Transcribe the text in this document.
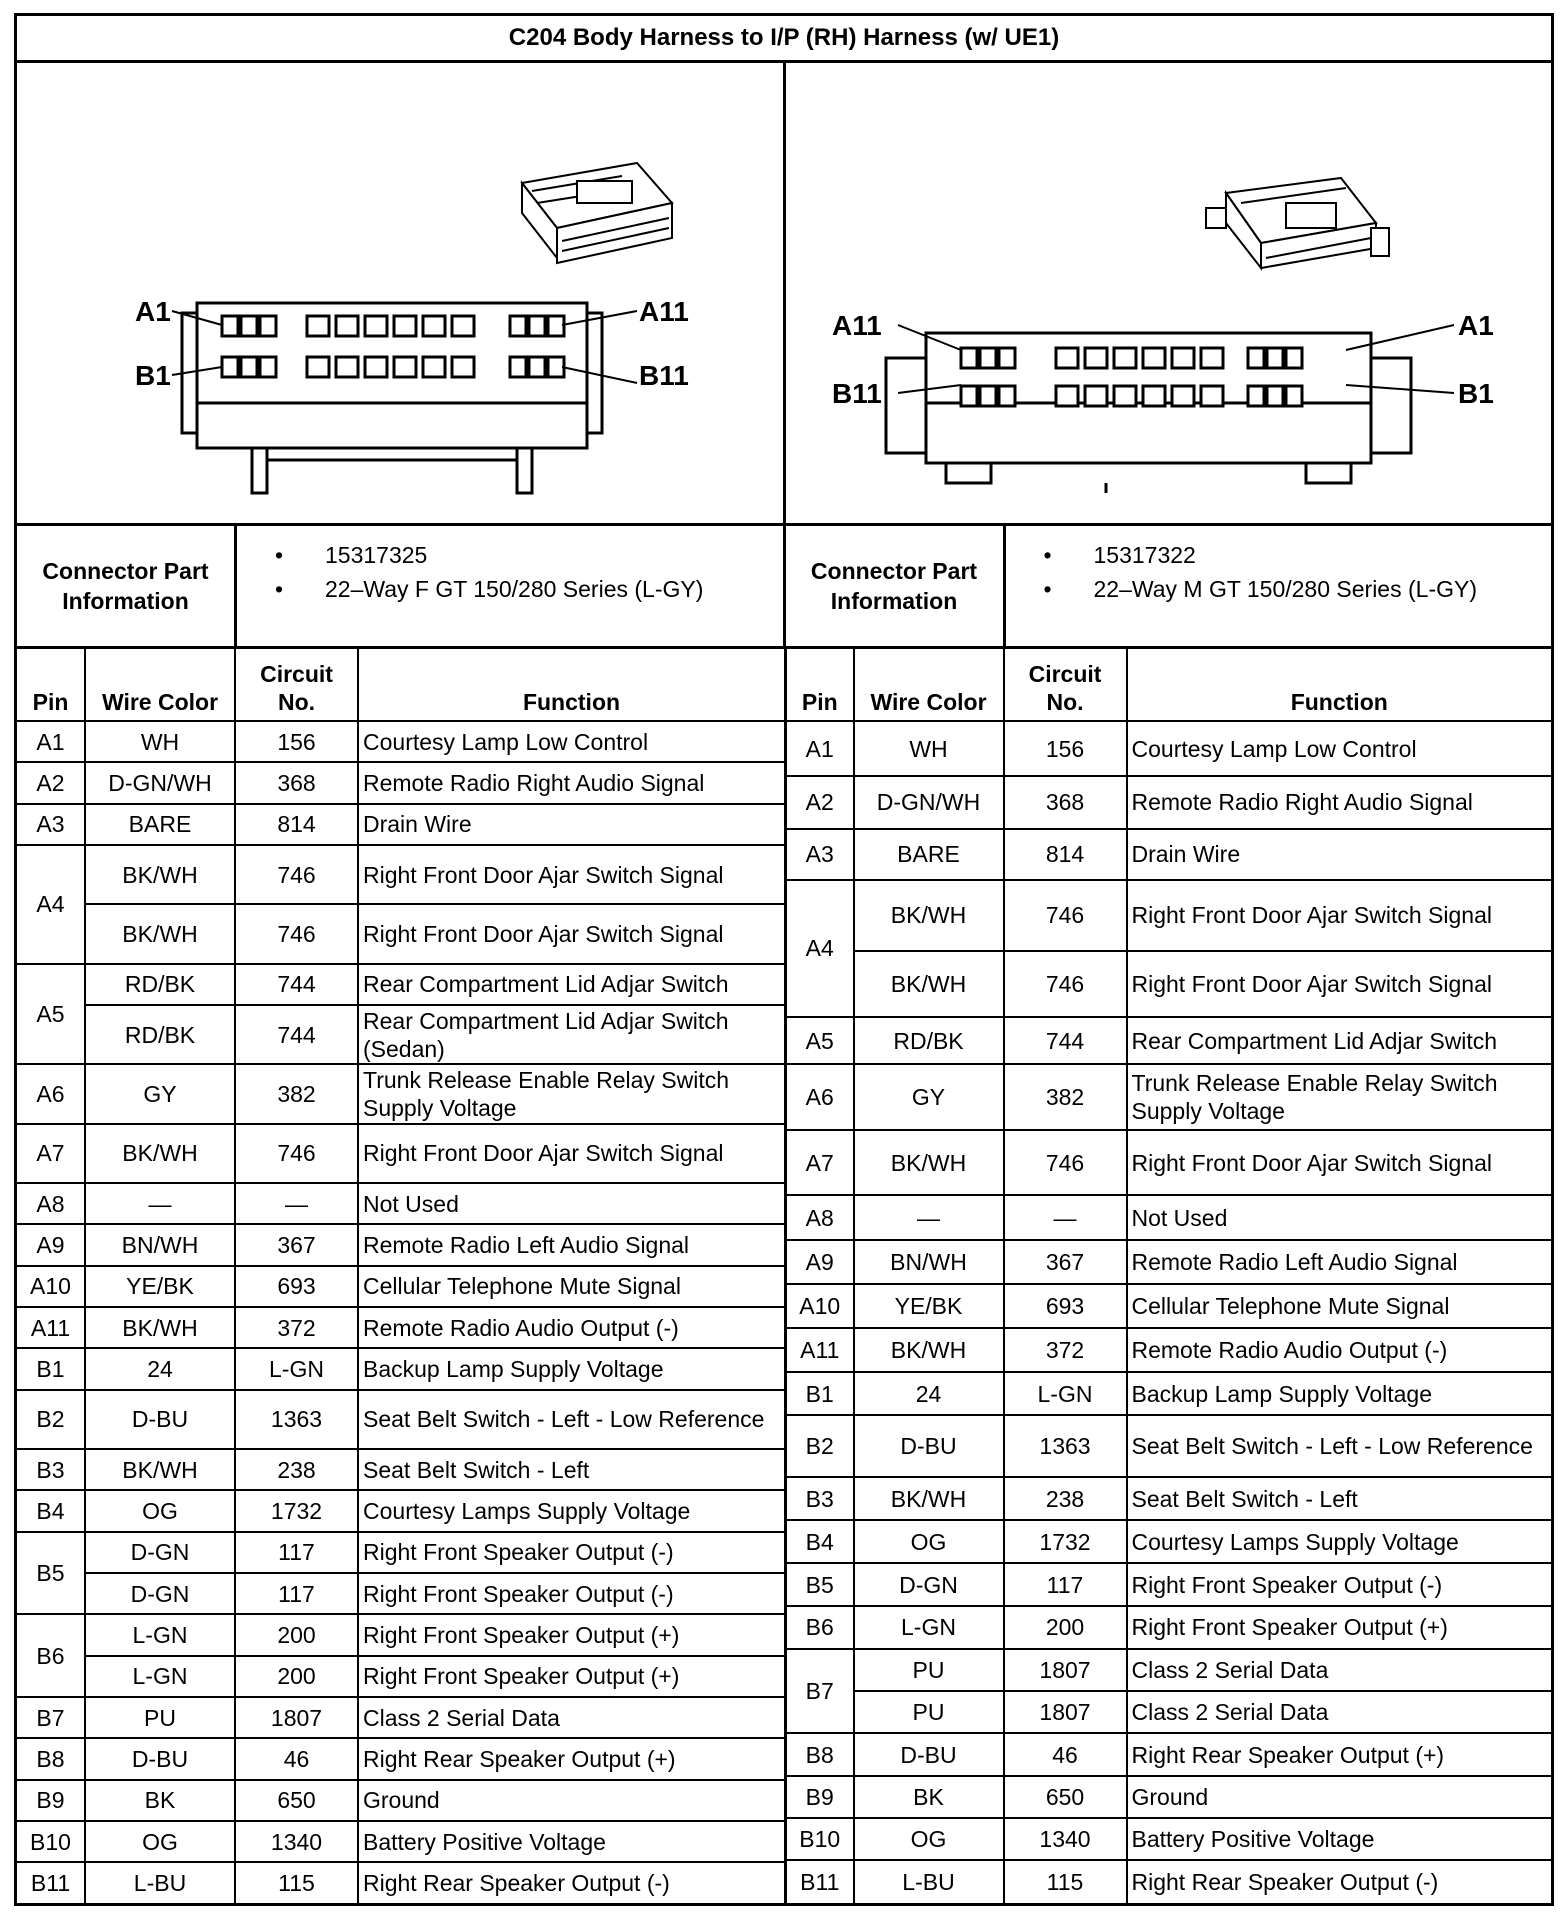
C204 Body Harness to I/P (RH) Harness (w/ UE1)
A1
B1
A11
B11
A11
B11
A1
B1
Connector Part Information
• 15317325
• 22–Way F GT 150/280 Series (L-GY)
Connector Part Information
• 15317322
• 22–Way M GT 150/280 Series (L-GY)
Pin	Wire Color	Circuit No.	Function
A1	WH	156	Courtesy Lamp Low Control
A2	D-GN/WH	368	Remote Radio Right Audio Signal
A3	BARE	814	Drain Wire
A4	BK/WH	746	Right Front Door Ajar Switch Signal
	BK/WH	746	Right Front Door Ajar Switch Signal
A5	RD/BK	744	Rear Compartment Lid Adjar Switch
	RD/BK	744	Rear Compartment Lid Adjar Switch (Sedan)
A6	GY	382	Trunk Release Enable Relay Switch Supply Voltage
A7	BK/WH	746	Right Front Door Ajar Switch Signal
A8	—	—	Not Used
A9	BN/WH	367	Remote Radio Left Audio Signal
A10	YE/BK	693	Cellular Telephone Mute Signal
A11	BK/WH	372	Remote Radio Audio Output (-)
B1	24	L-GN	Backup Lamp Supply Voltage
B2	D-BU	1363	Seat Belt Switch - Left - Low Reference
B3	BK/WH	238	Seat Belt Switch - Left
B4	OG	1732	Courtesy Lamps Supply Voltage
B5	D-GN	117	Right Front Speaker Output (-)
	D-GN	117	Right Front Speaker Output (-)
B6	L-GN	200	Right Front Speaker Output (+)
	L-GN	200	Right Front Speaker Output (+)
B7	PU	1807	Class 2 Serial Data
B8	D-BU	46	Right Rear Speaker Output (+)
B9	BK	650	Ground
B10	OG	1340	Battery Positive Voltage
B11	L-BU	115	Right Rear Speaker Output (-)
Pin	Wire Color	Circuit No.	Function
A1	WH	156	Courtesy Lamp Low Control
A2	D-GN/WH	368	Remote Radio Right Audio Signal
A3	BARE	814	Drain Wire
A4	BK/WH	746	Right Front Door Ajar Switch Signal
	BK/WH	746	Right Front Door Ajar Switch Signal
A5	RD/BK	744	Rear Compartment Lid Adjar Switch
A6	GY	382	Trunk Release Enable Relay Switch Supply Voltage
A7	BK/WH	746	Right Front Door Ajar Switch Signal
A8	—	—	Not Used
A9	BN/WH	367	Remote Radio Left Audio Signal
A10	YE/BK	693	Cellular Telephone Mute Signal
A11	BK/WH	372	Remote Radio Audio Output (-)
B1	24	L-GN	Backup Lamp Supply Voltage
B2	D-BU	1363	Seat Belt Switch - Left - Low Reference
B3	BK/WH	238	Seat Belt Switch - Left
B4	OG	1732	Courtesy Lamps Supply Voltage
B5	D-GN	117	Right Front Speaker Output (-)
B6	L-GN	200	Right Front Speaker Output (+)
B7	PU	1807	Class 2 Serial Data
	PU	1807	Class 2 Serial Data
B8	D-BU	46	Right Rear Speaker Output (+)
B9	BK	650	Ground
B10	OG	1340	Battery Positive Voltage
B11	L-BU	115	Right Rear Speaker Output (-)
